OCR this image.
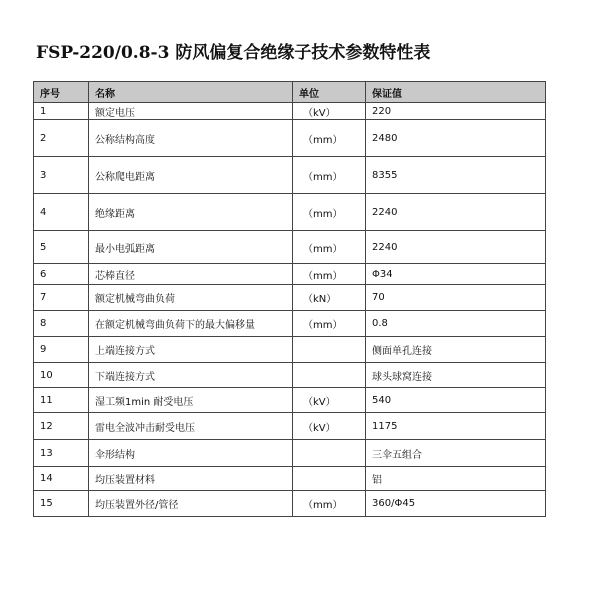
FSP-220/0.8-3 防风偏复合绝缘子技术参数特性表
序号	名称	单位	保证值
1	额定电压	（kV）	220
2	公称结构高度	（mm）	2480
3	公称爬电距离	（mm）	8355
4	绝缘距离	（mm）	2240
5	最小电弧距离	（mm）	2240
6	芯棒直径	（mm）	Φ34
7	额定机械弯曲负荷	（kN）	70
8	在额定机械弯曲负荷下的最大偏移量	（mm）	0.8
9	上端连接方式		侧面单孔连接
10	下端连接方式		球头球窝连接
11	湿工频1min 耐受电压	（kV）	540
12	雷电全波冲击耐受电压	（kV）	1175
13	伞形结构		三伞五组合
14	均压装置材料		铝
15	均压装置外径/管径	（mm）	360/Φ45
